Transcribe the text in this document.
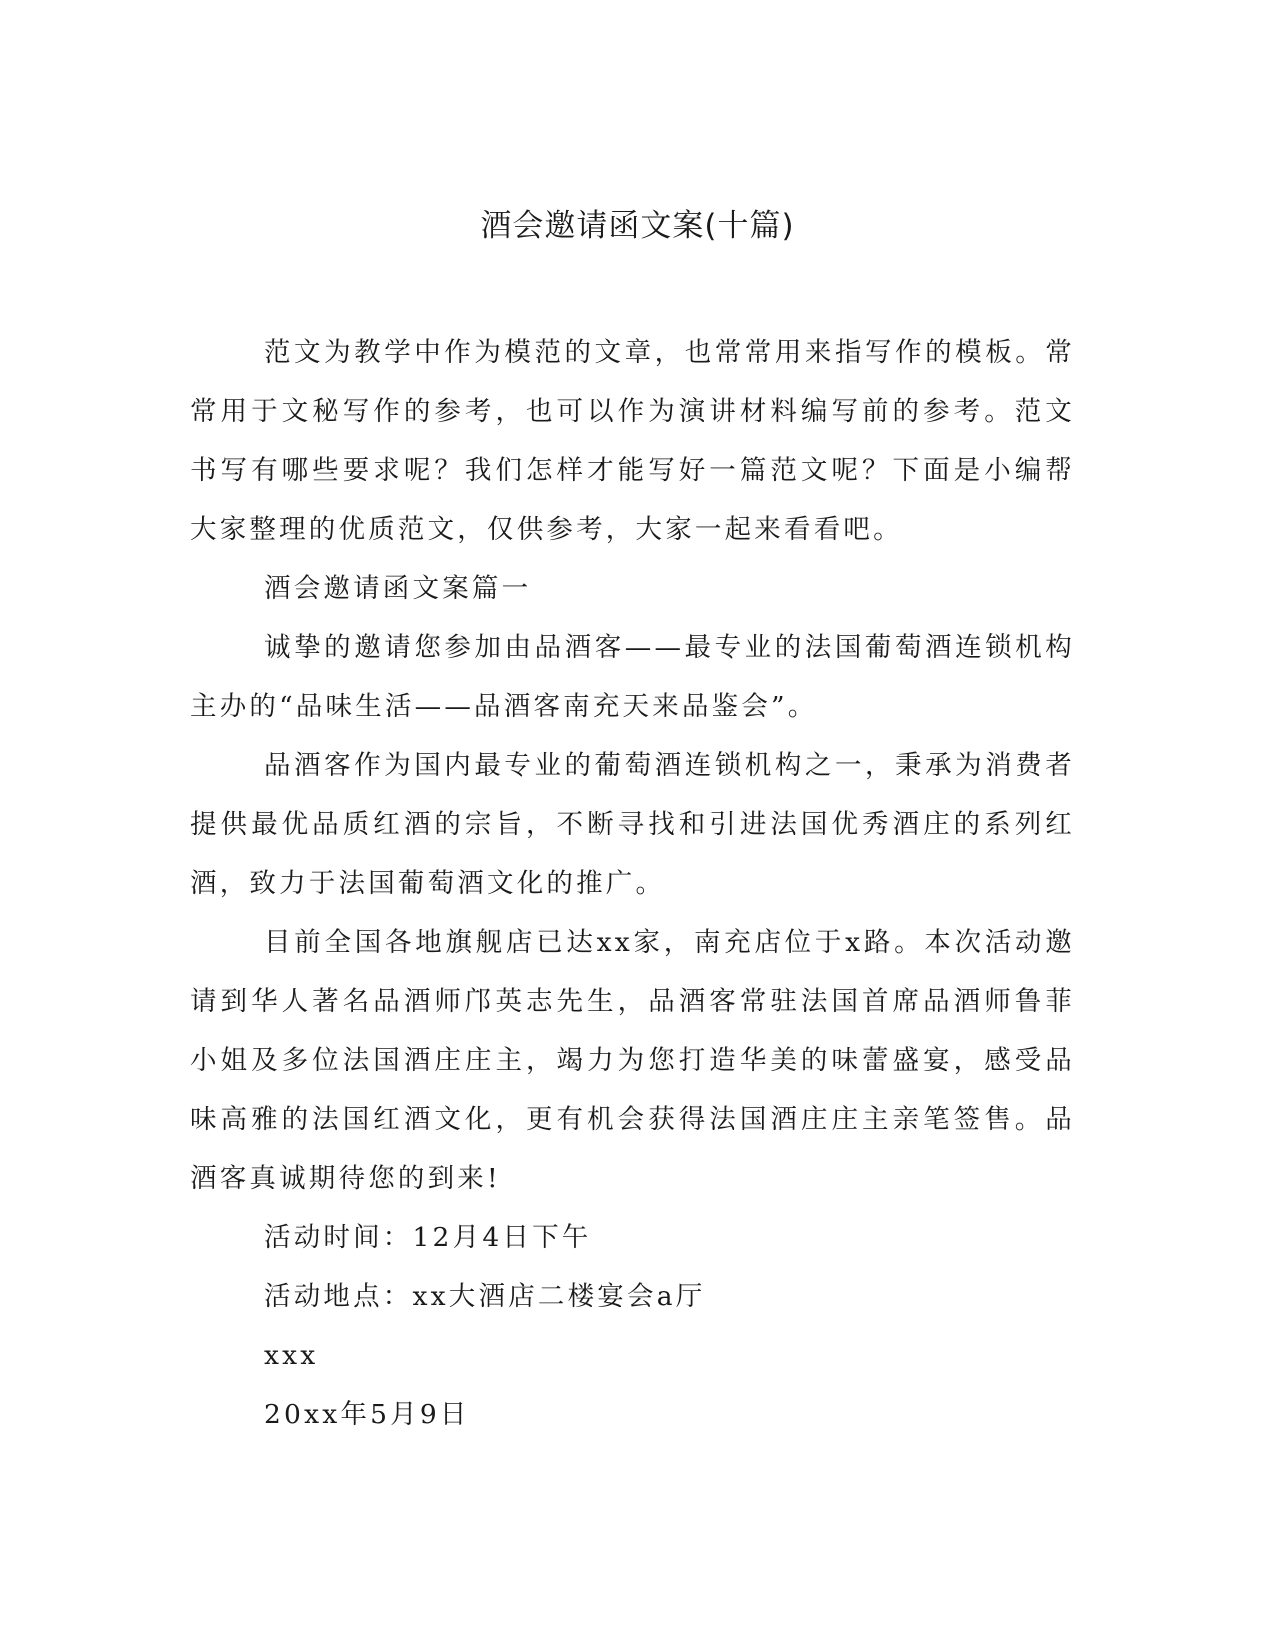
酒会邀请函文案(十篇)

范文为教学中作为模范的文章，也常常用来指写作的模板。常常用于文秘写作的参考，也可以作为演讲材料编写前的参考。范文书写有哪些要求呢？我们怎样才能写好一篇范文呢？下面是小编帮大家整理的优质范文，仅供参考，大家一起来看看吧。

酒会邀请函文案篇一

诚挚的邀请您参加由品酒客——最专业的法国葡萄酒连锁机构主办的“品味生活——品酒客南充天来品鉴会”。

品酒客作为国内最专业的葡萄酒连锁机构之一，秉承为消费者提供最优品质红酒的宗旨，不断寻找和引进法国优秀酒庄的系列红酒，致力于法国葡萄酒文化的推广。

目前全国各地旗舰店已达xx家，南充店位于x路。本次活动邀请到华人著名品酒师邝英志先生，品酒客常驻法国首席品酒师鲁菲小姐及多位法国酒庄庄主，竭力为您打造华美的味蕾盛宴，感受品味高雅的法国红酒文化，更有机会获得法国酒庄庄主亲笔签售。品酒客真诚期待您的到来!

活动时间：12月4日下午

活动地点：xx大酒店二楼宴会a厅

xxx

20xx年5月9日
